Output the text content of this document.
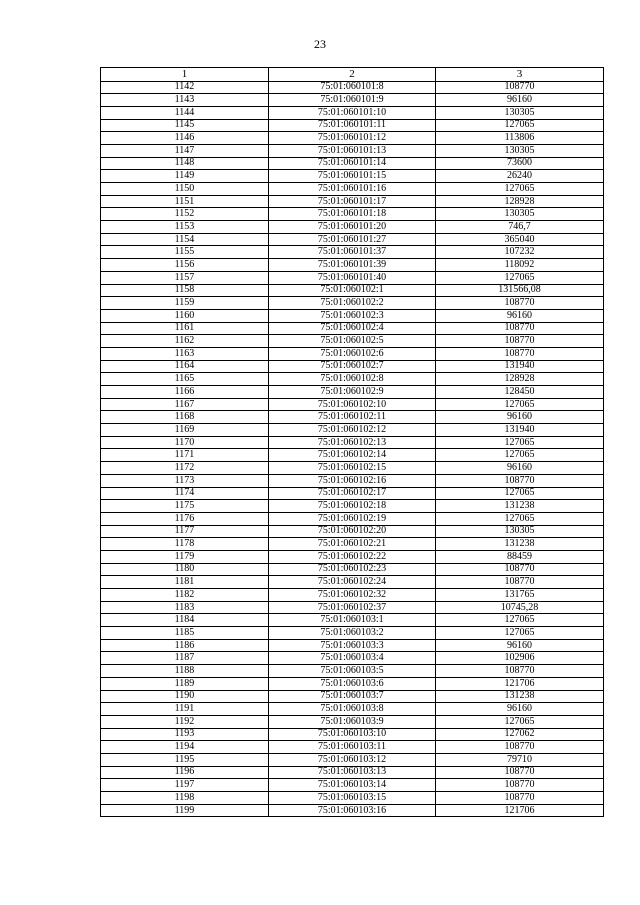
23
1	2	3
1142	75:01:060101:8	108770
1143	75:01:060101:9	96160
1144	75:01:060101:10	130305
1145	75:01:060101:11	127065
1146	75:01:060101:12	113806
1147	75:01:060101:13	130305
1148	75:01:060101:14	73600
1149	75:01:060101:15	26240
1150	75:01:060101:16	127065
1151	75:01:060101:17	128928
1152	75:01:060101:18	130305
1153	75:01:060101:20	746,7
1154	75:01:060101:27	365040
1155	75:01:060101:37	107232
1156	75:01:060101:39	118092
1157	75:01:060101:40	127065
1158	75:01:060102:1	131566,08
1159	75:01:060102:2	108770
1160	75:01:060102:3	96160
1161	75:01:060102:4	108770
1162	75:01:060102:5	108770
1163	75:01:060102:6	108770
1164	75:01:060102:7	131940
1165	75:01:060102:8	128928
1166	75:01:060102:9	128450
1167	75:01:060102:10	127065
1168	75:01:060102:11	96160
1169	75:01:060102:12	131940
1170	75:01:060102:13	127065
1171	75:01:060102:14	127065
1172	75:01:060102:15	96160
1173	75:01:060102:16	108770
1174	75:01:060102:17	127065
1175	75:01:060102:18	131238
1176	75:01:060102:19	127065
1177	75:01:060102:20	130305
1178	75:01:060102:21	131238
1179	75:01:060102:22	88459
1180	75:01:060102:23	108770
1181	75:01:060102:24	108770
1182	75:01:060102:32	131765
1183	75:01:060102:37	10745,28
1184	75:01:060103:1	127065
1185	75:01:060103:2	127065
1186	75:01:060103:3	96160
1187	75:01:060103:4	102906
1188	75:01:060103:5	108770
1189	75:01:060103:6	121706
1190	75:01:060103:7	131238
1191	75:01:060103:8	96160
1192	75:01:060103:9	127065
1193	75:01:060103:10	127062
1194	75:01:060103:11	108770
1195	75:01:060103:12	79710
1196	75:01:060103:13	108770
1197	75:01:060103:14	108770
1198	75:01:060103:15	108770
1199	75:01:060103:16	121706
